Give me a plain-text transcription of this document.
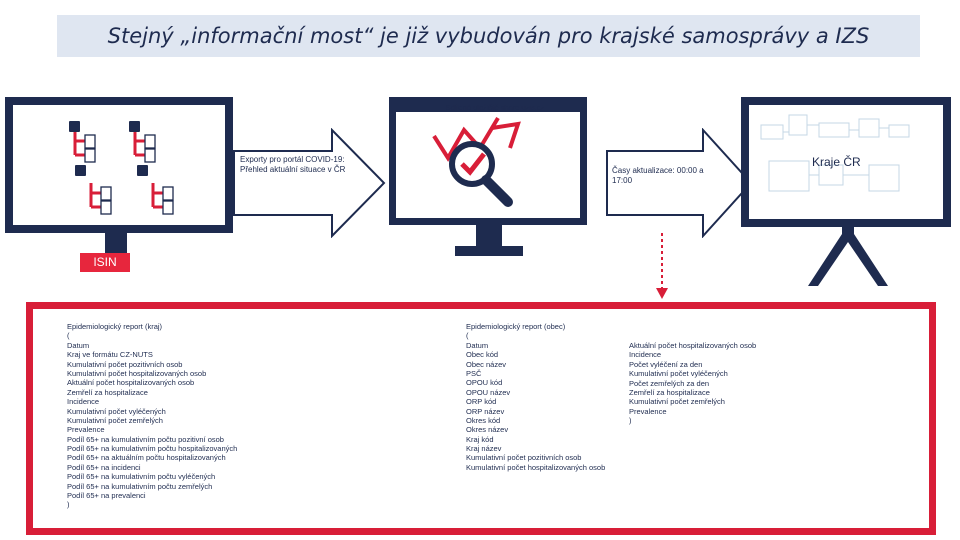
Stejný „informační most“ je již vybudován pro krajské samosprávy a IZS
ISIN
Exporty pro portál COVID-19: Přehled aktuální situace v ČR
Sdílené uložiště share.uzis.cz
Časy aktualizace: 00:00 a 17:00
Kraje ČR
Epidemiologický report (kraj)
(
Datum
Kraj ve formátu CZ-NUTS
Kumulativní počet pozitivních osob
Kumulativní počet hospitalizovaných osob
Aktuální počet hospitalizovaných osob
Zemřelí za hospitalizace
Incidence
Kumulativní počet vyléčených
Kumulativní počet zemřelých
Prevalence
Podíl 65+ na kumulativním počtu pozitivní osob
Podíl 65+ na kumulativním počtu hospitalizovaných
Podíl 65+ na aktuálním počtu hospitalizovaných
Podíl 65+ na incidenci
Podíl 65+ na kumulativním počtu vyléčených
Podíl 65+ na kumulativním počtu zemřelých
Podíl 65+ na prevalenci
)
Epidemiologický report (obec)
(
Datum
Obec kód
Obec název
PSČ
OPOU kód
OPOU název
ORP kód
ORP název
Okres kód
Okres název
Kraj kód
Kraj název
Kumulativní počet pozitivních osob
Kumulativní počet hospitalizovaných osob
Aktuální počet hospitalizovaných osob
Incidence
Počet vyléčení za den
Kumulativní počet vyléčených
Počet zemřelých za den
Zemřelí za hospitalizace
Kumulativní počet zemřelých
Prevalence
)
